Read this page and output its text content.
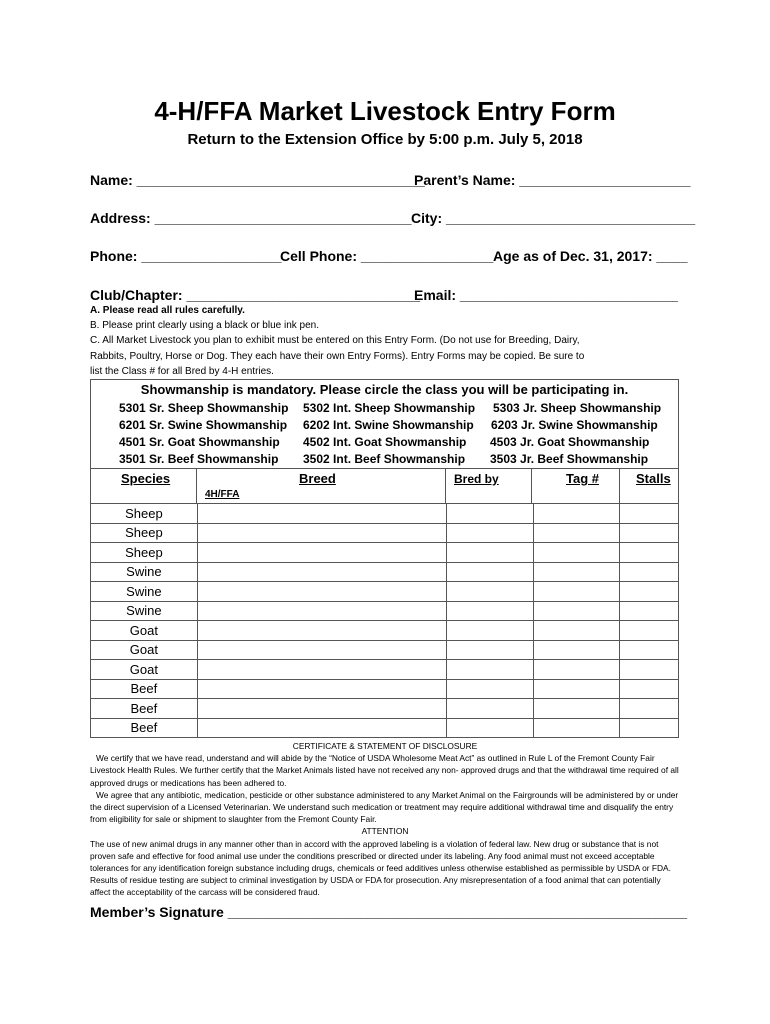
4-H/FFA Market Livestock Entry Form
Return to the Extension Office by 5:00 p.m. July 5, 2018
Name: _____________________________________
Parent’s Name: ______________________
Address: _________________________________ City: ________________________________
Phone: __________________
Cell Phone: _________________ Age as of Dec. 31, 2017: ____
Club/Chapter: ______________________________
Email: ____________________________
A. Please read all rules carefully.
B. Please print clearly using a black or blue ink pen.
C. All Market Livestock you plan to exhibit must be entered on this Entry Form. (Do not use for Breeding, Dairy,
Rabbits, Poultry, Horse or Dog. They each have their own Entry Forms). Entry Forms may be copied. Be sure to
list the Class # for all Bred by 4-H entries.
Showmanship is mandatory. Please circle the class you will be participating in.
5301 Sr. Sheep Showmanship 5302 Int. Sheep Showmanship 5303 Jr. Sheep Showmanship
6201 Sr. Swine Showmanship 6202 Int. Swine Showmanship 6203 Jr. Swine Showmanship
4501 Sr. Goat Showmanship 4502 Int. Goat Showmanship 4503 Jr. Goat Showmanship
3501 Sr. Beef Showmanship 3502 Int. Beef Showmanship 3503 Jr. Beef Showmanship
Species	Breed	Bred by	Tag #	Stalls
4H/FFA
Sheep				
Sheep				
Sheep				
Swine				
Swine				
Swine				
Goat				
Goat				
Goat				
Beef				
Beef				
Beef				

CERTIFICATE & STATEMENT OF DISCLOSURE

We certify that we have read, understand and will abide by the “Notice of USDA Wholesome Meat Act” as outlined in Rule L of the Fremont County Fair Livestock Health Rules. We further certify that the Market Animals listed have not received any non- approved drugs and that the withdrawal time required of all approved drugs or medications has been adhered to.

We agree that any antibiotic, medication, pesticide or other substance administered to any Market Animal on the Fairgrounds will be administered by or under the direct supervision of a Licensed Veterinarian. We understand such medication or treatment may require additional withdrawal time and disqualify the entry from eligibility for sale or shipment to slaughter from the Fremont County Fair.

ATTENTION

The use of new animal drugs in any manner other than in accord with the approved labeling is a violation of federal law. New drug or substance that is not proven safe and effective for food animal use under the conditions prescribed or directed under its labeling. Any food animal must not exceed acceptable tolerances for any identification foreign substance including drugs, chemicals or feed additives unless otherwise established as permissible by USDA or FDA. Results of residue testing are subject to criminal investigation by USDA or FDA for prosecution. Any misrepresentation of a food animal that can potentially affect the acceptability of the carcass will be considered fraud.

Member’s Signature ___________________________________________________________
